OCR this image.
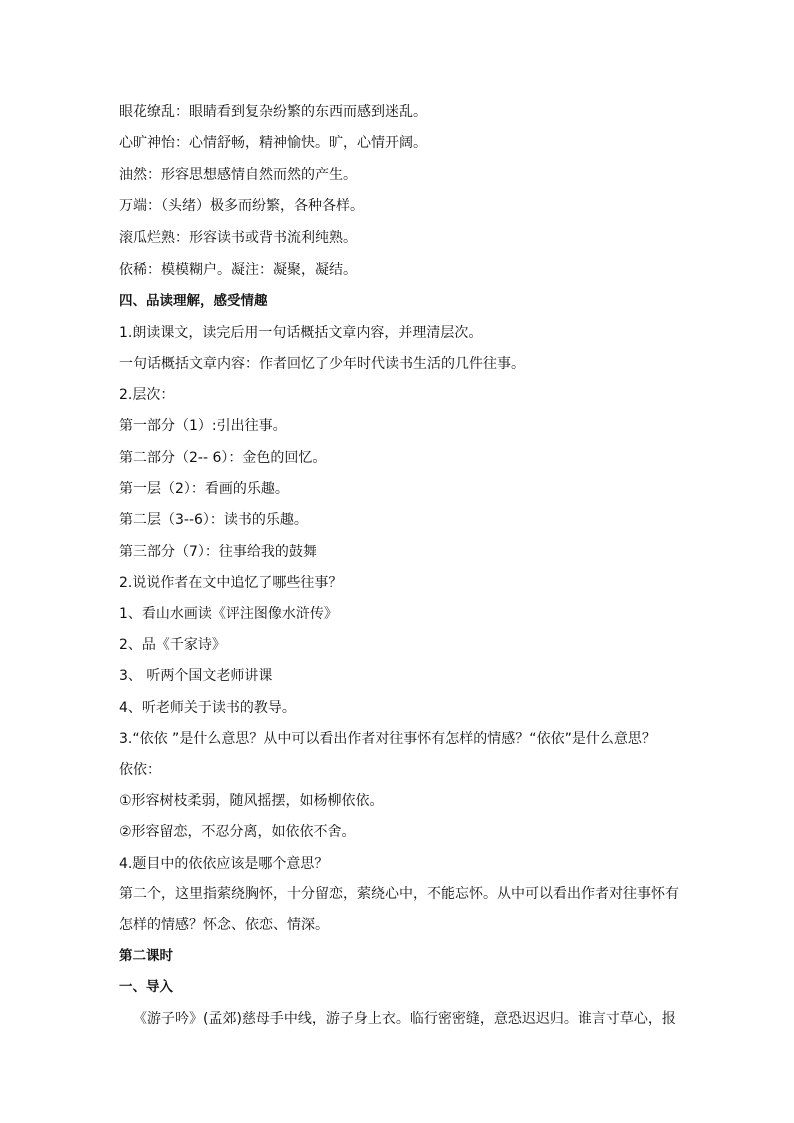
眼花缭乱：眼睛看到复杂纷繁的东西而感到迷乱。
心旷神怡：心情舒畅，精神愉快。旷，心情开阔。
油然：形容思想感情自然而然的产生。
万端：（头绪）极多而纷繁，各种各样。
滚瓜烂熟：形容读书或背书流利纯熟。
依稀：模模糊户。凝注：凝聚，凝结。
四、品读理解，感受情趣
1.朗读课文，读完后用一句话概括文章内容，并理清层次。
一句话概括文章内容：作者回忆了少年时代读书生活的几件往事。
2.层次：
第一部分（1）:引出往事。
第二部分（2-- 6）：金色的回忆。
第一层（2）：看画的乐趣。
第二层（3--6）：读书的乐趣。
第三部分（7）：往事给我的鼓舞
2.说说作者在文中追忆了哪些往事？
1、看山水画读《评注图像水浒传》
2、品《千家诗》
3、 听两个国文老师讲课
4、听老师关于读书的教导。
3.“依依 ”是什么意思？从中可以看出作者对往事怀有怎样的情感？“依依”是什么意思？
依依：
①形容树枝柔弱，随风摇摆，如杨柳依依。
②形容留恋，不忍分离，如依依不舍。
4.题目中的依依应该是哪个意思？
第二个，这里指萦绕胸怀，十分留恋，萦绕心中，不能忘怀。从中可以看出作者对往事怀有
怎样的情感？怀念、依恋、情深。
第二课时
一、导入
《游子吟》(孟郊)慈母手中线，游子身上衣。临行密密缝，意恐迟迟归。谁言寸草心，报
